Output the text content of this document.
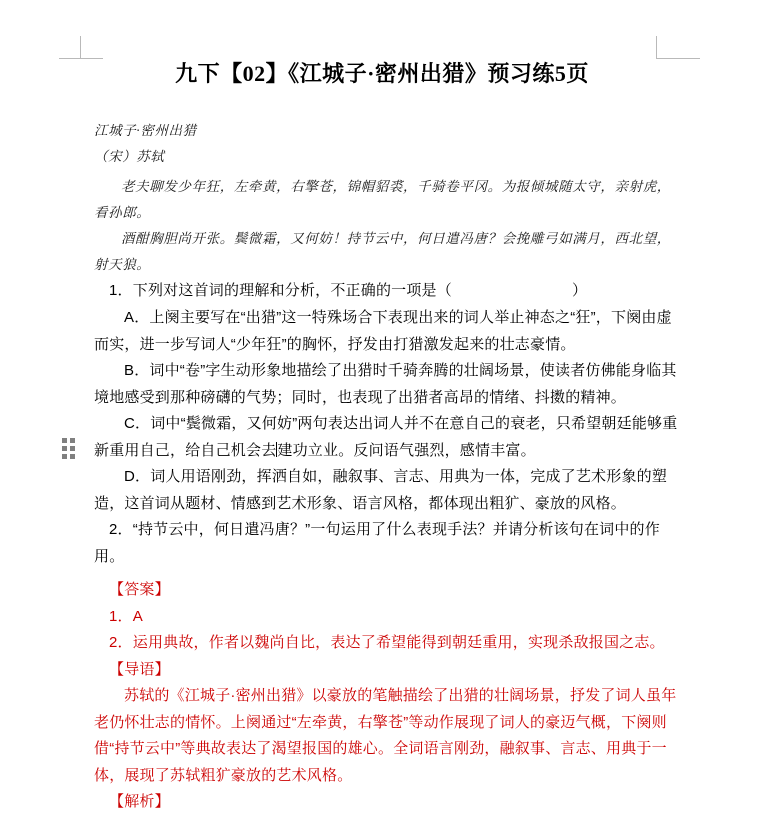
九下【02】《江城子·密州出猎》预习练5页

江城子·密州出猎

（宋）苏轼

老夫聊发少年狂，左牵黄，右擎苍，锦帽貂裘，千骑卷平冈。为报倾城随太守，亲射虎，看孙郎。

酒酣胸胆尚开张。鬓微霜，又何妨！持节云中，何日遣冯唐？会挽雕弓如满月，西北望，射天狼。

1．下列对这首词的理解和分析，不正确的一项是（	）

A．上阕主要写在“出猎”这一特殊场合下表现出来的词人举止神态之“狂”，下阕由虚而实，进一步写词人“少年狂”的胸怀，抒发由打猎激发起来的壮志豪情。

B．词中“卷”字生动形象地描绘了出猎时千骑奔腾的壮阔场景，使读者仿佛能身临其境地感受到那种磅礴的气势；同时，也表现了出猎者高昂的情绪、抖擞的精神。

C．词中“鬓微霜，又何妨”两句表达出词人并不在意自己的衰老，只希望朝廷能够重新重用自己，给自己机会去建功立业。反问语气强烈，感情丰富。

D．词人用语刚劲，挥洒自如，融叙事、言志、用典为一体，完成了艺术形象的塑造，这首词从题材、情感到艺术形象、语言风格，都体现出粗犷、豪放的风格。

2．“持节云中，何日遣冯唐？”一句运用了什么表现手法？并请分析该句在词中的作用。

【答案】

1．A

2．运用典故，作者以魏尚自比，表达了希望能得到朝廷重用，实现杀敌报国之志。

【导语】

苏轼的《江城子·密州出猎》以豪放的笔触描绘了出猎的壮阔场景，抒发了词人虽年老仍怀壮志的情怀。上阕通过“左牵黄，右擎苍”等动作展现了词人的豪迈气概，下阕则借“持节云中”等典故表达了渴望报国的雄心。全词语言刚劲，融叙事、言志、用典于一体，展现了苏轼粗犷豪放的艺术风格。

【解析】
